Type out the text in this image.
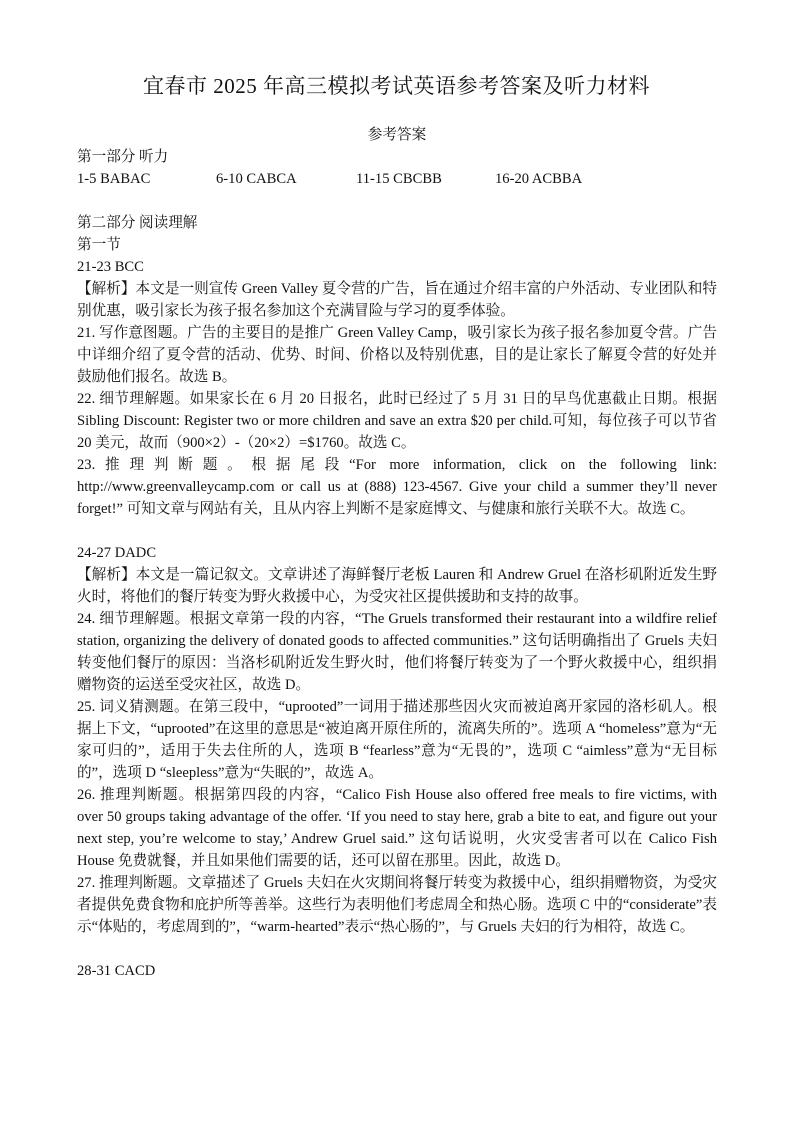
宜春市 2025 年高三模拟考试英语参考答案及听力材料
参考答案
第一部分 听力
1-5 BABAC	6-10 CABCA	11-15 CBCBB	16-20 ACBBA
第二部分 阅读理解
第一节
21-23 BCC
【解析】本文是一则宣传 Green Valley 夏令营的广告，旨在通过介绍丰富的户外活动、专业团队和特别优惠，吸引家长为孩子报名参加这个充满冒险与学习的夏季体验。
21. 写作意图题。广告的主要目的是推广 Green Valley Camp，吸引家长为孩子报名参加夏令营。广告中详细介绍了夏令营的活动、优势、时间、价格以及特别优惠，目的是让家长了解夏令营的好处并鼓励他们报名。故选 B。
22. 细节理解题。如果家长在 6 月 20 日报名，此时已经过了 5 月 31 日的早鸟优惠截止日期。根据 Sibling Discount: Register two or more children and save an extra $20 per child.可知，每位孩子可以节省 20 美元，故而（900×2）-（20×2）=$1760。故选 C。
23.推理判断题。根据尾段“For more information, click on the following link: http://www.greenvalleycamp.com or call us at (888) 123-4567. Give your child a summer they’ll never forget!” 可知文章与网站有关，且从内容上判断不是家庭博文、与健康和旅行关联不大。故选 C。
24-27 DADC
【解析】本文是一篇记叙文。文章讲述了海鲜餐厅老板 Lauren 和 Andrew Gruel 在洛杉矶附近发生野火时，将他们的餐厅转变为野火救援中心，为受灾社区提供援助和支持的故事。
24. 细节理解题。根据文章第一段的内容，“The Gruels transformed their restaurant into a wildfire relief station, organizing the delivery of donated goods to affected communities.” 这句话明确指出了 Gruels 夫妇转变他们餐厅的原因：当洛杉矶附近发生野火时，他们将餐厅转变为了一个野火救援中心，组织捐赠物资的运送至受灾社区，故选 D。
25. 词义猜测题。在第三段中，“uprooted”一词用于描述那些因火灾而被迫离开家园的洛杉矶人。根据上下文，“uprooted”在这里的意思是“被迫离开原住所的，流离失所的”。选项 A “homeless”意为“无家可归的”，适用于失去住所的人，选项 B “fearless”意为“无畏的”，选项 C “aimless”意为“无目标的”，选项 D “sleepless”意为“失眠的”，故选 A。
26. 推理判断题。根据第四段的内容，“Calico Fish House also offered free meals to fire victims, with over 50 groups taking advantage of the offer. ‘If you need to stay here, grab a bite to eat, and figure out your next step, you’re welcome to stay,’ Andrew Gruel said.” 这句话说明，火灾受害者可以在 Calico Fish House 免费就餐，并且如果他们需要的话，还可以留在那里。因此，故选 D。
27. 推理判断题。文章描述了 Gruels 夫妇在火灾期间将餐厅转变为救援中心，组织捐赠物资，为受灾者提供免费食物和庇护所等善举。这些行为表明他们考虑周全和热心肠。选项 C 中的“considerate”表示“体贴的，考虑周到的”，“warm-hearted”表示“热心肠的”，与 Gruels 夫妇的行为相符，故选 C。
28-31 CACD
